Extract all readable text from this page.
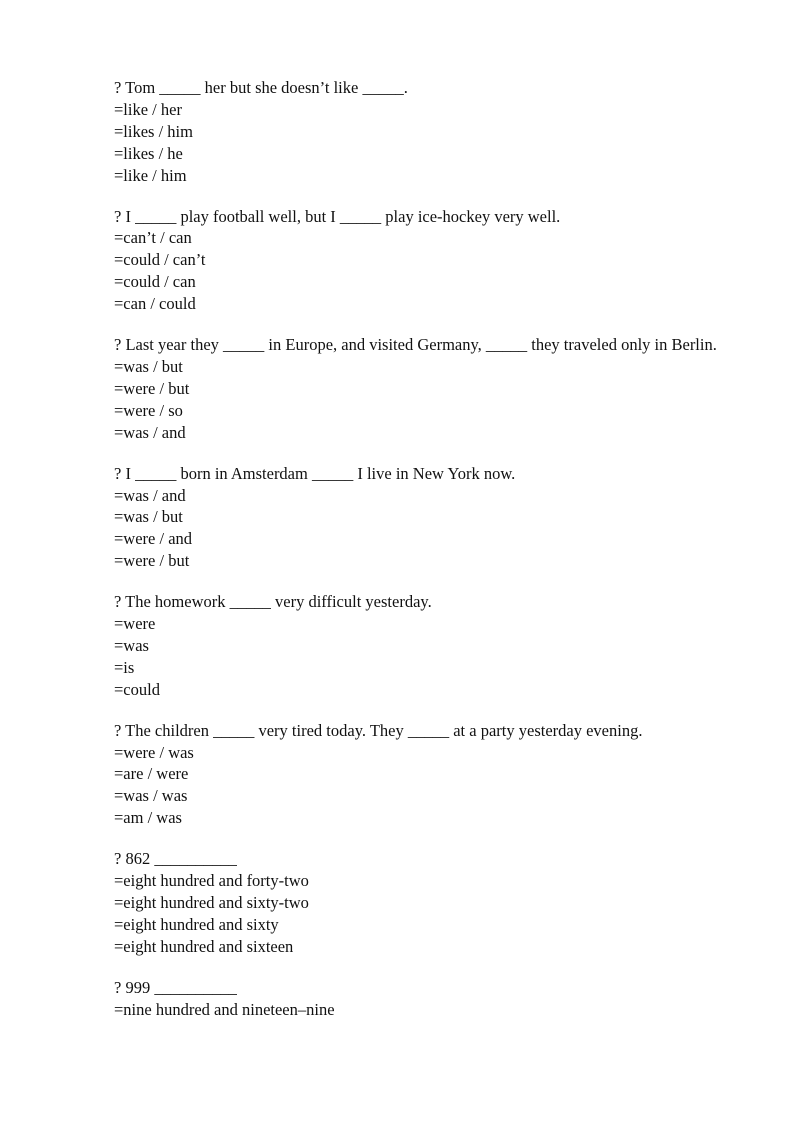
? Tom _____ her but she doesn’t like _____.

=like / her

=likes / him

=likes / he

=like / him

? I _____ play football well, but I _____ play ice-hockey very well.

=can’t / can

=could / can’t

=could / can

=can / could

? Last year they _____ in Europe, and visited Germany, _____ they traveled only in Berlin.

=was / but

=were / but

=were / so

=was / and

? I _____ born in Amsterdam _____ I live in New York now.

=was / and

=was / but

=were / and

=were / but

? The homework _____ very difficult yesterday.

=were

=was

=is

=could

? The children _____ very tired today. They _____ at a party yesterday evening.

=were / was

=are / were

=was / was

=am / was

? 862 __________

=eight hundred and forty-two

=eight hundred and sixty-two

=eight hundred and sixty

=eight hundred and sixteen

? 999 __________

=nine hundred and nineteen–nine
